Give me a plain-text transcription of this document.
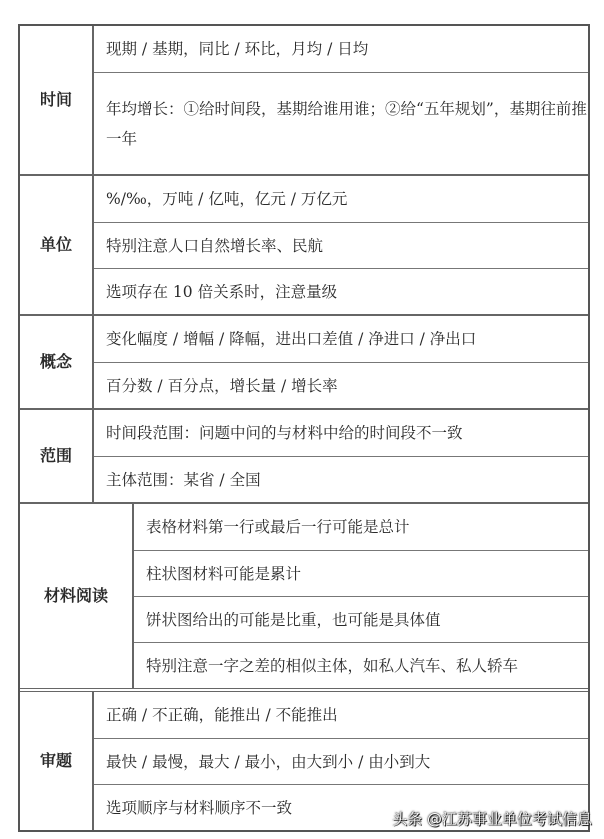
时间
现期 / 基期，同比 / 环比，月均 / 日均
年均增长：①给时间段，基期给谁用谁；②给“五年规划”，基期往前推一年
单位
%/‰，万吨 / 亿吨，亿元 / 万亿元
特别注意人口自然增长率、民航
选项存在 10 倍关系时，注意量级
概念
变化幅度 / 增幅 / 降幅，进出口差值 / 净进口 / 净出口
百分数 / 百分点，增长量 / 增长率
范围
时间段范围：问题中问的与材料中给的时间段不一致
主体范围：某省 / 全国
材料阅读
表格材料第一行或最后一行可能是总计
柱状图材料可能是累计
饼状图给出的可能是比重，也可能是具体值
特别注意一字之差的相似主体，如私人汽车、私人轿车
审题
正确 / 不正确，能推出 / 不能推出
最快 / 最慢，最大 / 最小，由大到小 / 由小到大
选项顺序与材料顺序不一致
头条 @江苏事业单位考试信息
